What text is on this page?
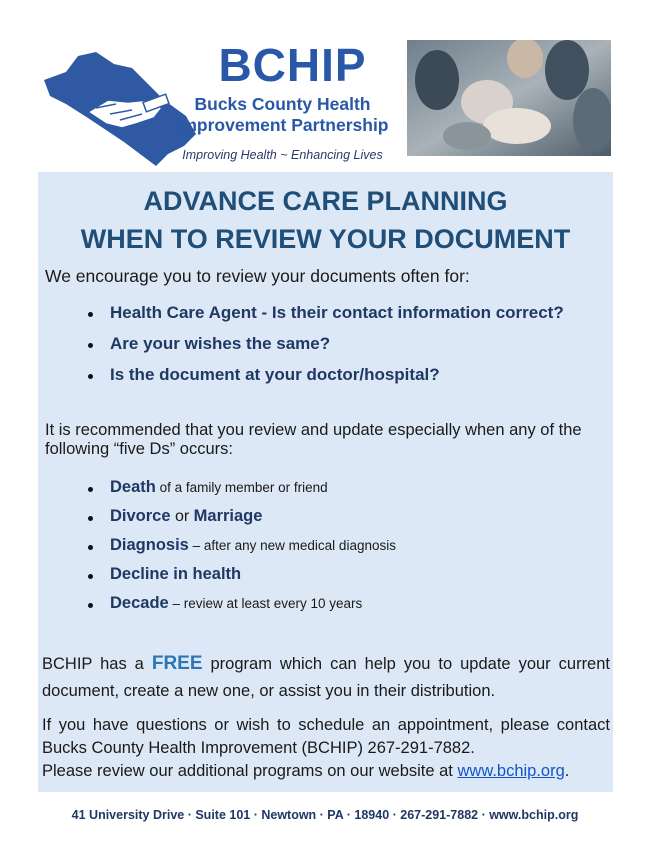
BCHIP
Bucks County Health
Improvement Partnership
Improving Health ~ Enhancing Lives
ADVANCE CARE PLANNING
WHEN TO REVIEW YOUR DOCUMENT
We encourage you to review your documents often for:
Health Care Agent - Is their contact information correct?
Are your wishes the same?
Is the document at your doctor/hospital?
It is recommended that you review and update especially when any of the following “five Ds” occurs:
Death of a family member or friend
Divorce or Marriage
Diagnosis – after any new medical diagnosis
Decline in health
Decade – review at least every 10 years
BCHIP has a FREE program which can help you to update your current document, create a new one, or assist you in their distribution.
If you have questions or wish to schedule an appointment, please contact Bucks County Health Improvement (BCHIP) 267-291-7882.
Please review our additional programs on our website at www.bchip.org.
41 University Drive · Suite 101 · Newtown · PA · 18940 · 267-291-7882 · www.bchip.org
